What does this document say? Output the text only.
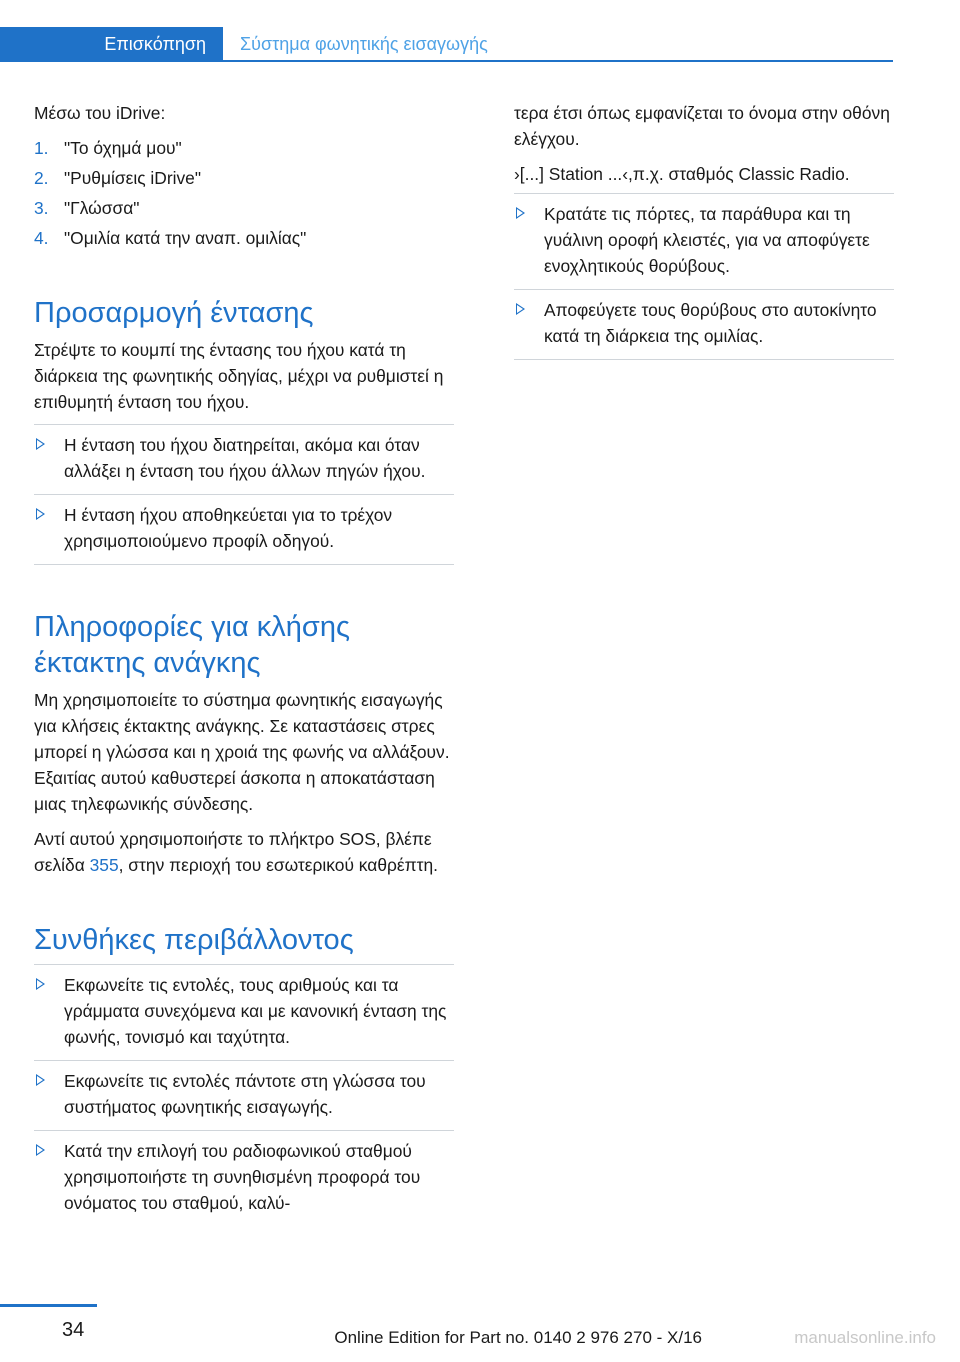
Επισκόπηση	Σύστημα φωνητικής εισαγωγής

Μέσω του iDrive:

1. "Το όχημά μου"
2. "Ρυθμίσεις iDrive"
3. "Γλώσσα"
4. "Ομιλία κατά την αναπ. ομιλίας"
Προσαρμογή έντασης

Στρέψτε το κουμπί της έντασης του ήχου κατά τη διάρκεια της φωνητικής οδηγίας, μέχρι να ρυθμιστεί η επιθυμητή ένταση του ήχου.

Η ένταση του ήχου διατηρείται, ακόμα και όταν αλλάξει η ένταση του ήχου άλλων πηγών ήχου.
Η ένταση ήχου αποθηκεύεται για το τρέχον χρησιμοποιούμενο προφίλ οδηγού.
Πληροφορίες για κλήσης έκτακτης ανάγκης

Μη χρησιμοποιείτε το σύστημα φωνητικής εισαγωγής για κλήσεις έκτακτης ανάγκης. Σε καταστάσεις στρες μπορεί η γλώσσα και η χροιά της φωνής να αλλάξουν. Εξαιτίας αυτού καθυστερεί άσκοπα η αποκατάσταση μιας τηλεφωνικής σύνδεσης.

Αντί αυτού χρησιμοποιήστε το πλήκτρο SOS, βλέπε σελίδα 355, στην περιοχή του εσωτερικού καθρέπτη.

Συνθήκες περιβάλλοντος
Εκφωνείτε τις εντολές, τους αριθμούς και τα γράμματα συνεχόμενα και με κανονική ένταση της φωνής, τονισμό και ταχύτητα.
Εκφωνείτε τις εντολές πάντοτε στη γλώσσα του συστήματος φωνητικής εισαγωγής.
Κατά την επιλογή του ραδιοφωνικού σταθμού χρησιμοποιήστε τη συνηθισμένη προφορά του ονόματος του σταθμού, καλύ-

τερα έτσι όπως εμφανίζεται το όνομα στην οθόνη ελέγχου.

›[...] Station ...‹,π.χ. σταθμός Classic Radio.

Κρατάτε τις πόρτες, τα παράθυρα και τη γυάλινη οροφή κλειστές, για να αποφύγετε ενοχλητικούς θορύβους.
Αποφεύγετε τους θορύβους στο αυτοκίνητο κατά τη διάρκεια της ομιλίας.
34	Online Edition for Part no. 0140 2 976 270 - X/16	manualsonline.info
